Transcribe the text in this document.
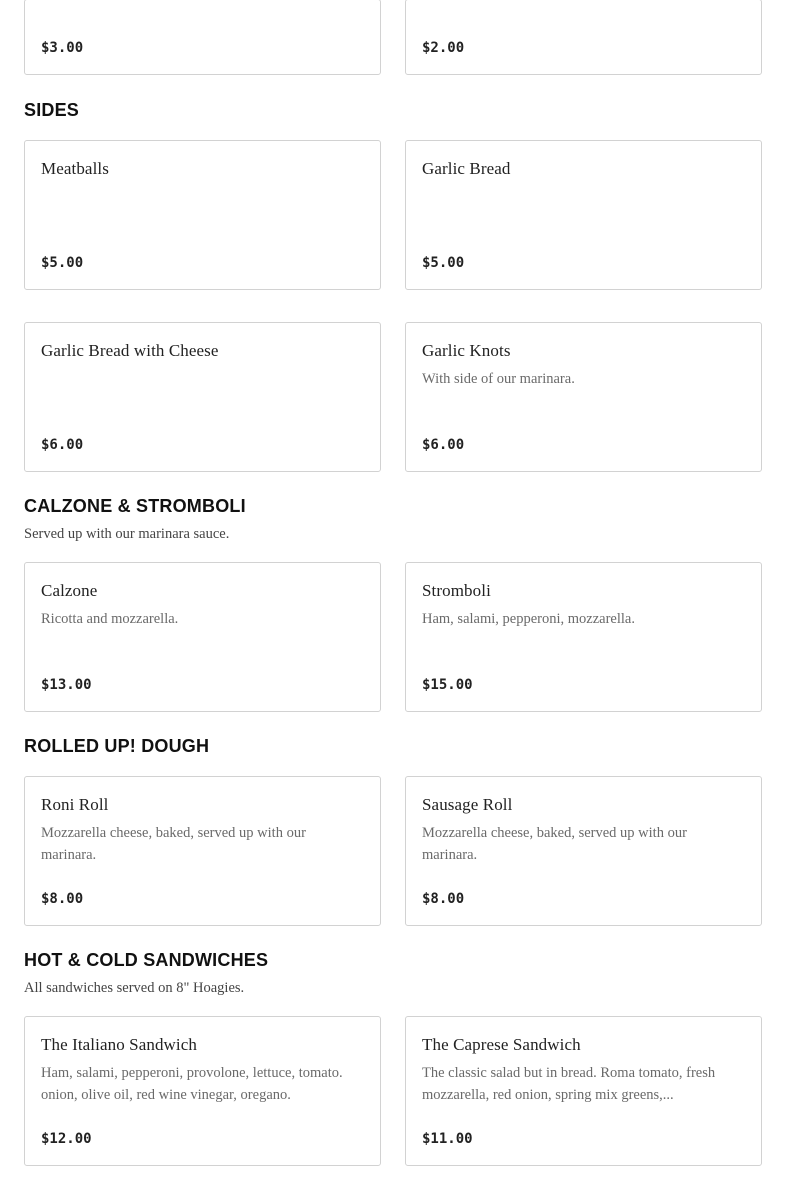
$3.00	$2.00
SIDES
Meatballs
$5.00
Garlic Bread
$5.00
Garlic Bread with Cheese
$6.00
Garlic Knots
With side of our marinara.
$6.00
CALZONE & STROMBOLI
Served up with our marinara sauce.
Calzone
Ricotta and mozzarella.
$13.00
Stromboli
Ham, salami, pepperoni, mozzarella.
$15.00
ROLLED UP! DOUGH
Roni Roll
Mozzarella cheese, baked, served up with our marinara.
$8.00
Sausage Roll
Mozzarella cheese, baked, served up with our marinara.
$8.00
HOT & COLD SANDWICHES
All sandwiches served on 8" Hoagies.
The Italiano Sandwich
Ham, salami, pepperoni, provolone, lettuce, tomato. onion, olive oil, red wine vinegar, oregano.
$12.00
The Caprese Sandwich
The classic salad but in bread. Roma tomato, fresh mozzarella, red onion, spring mix greens,...
$11.00
